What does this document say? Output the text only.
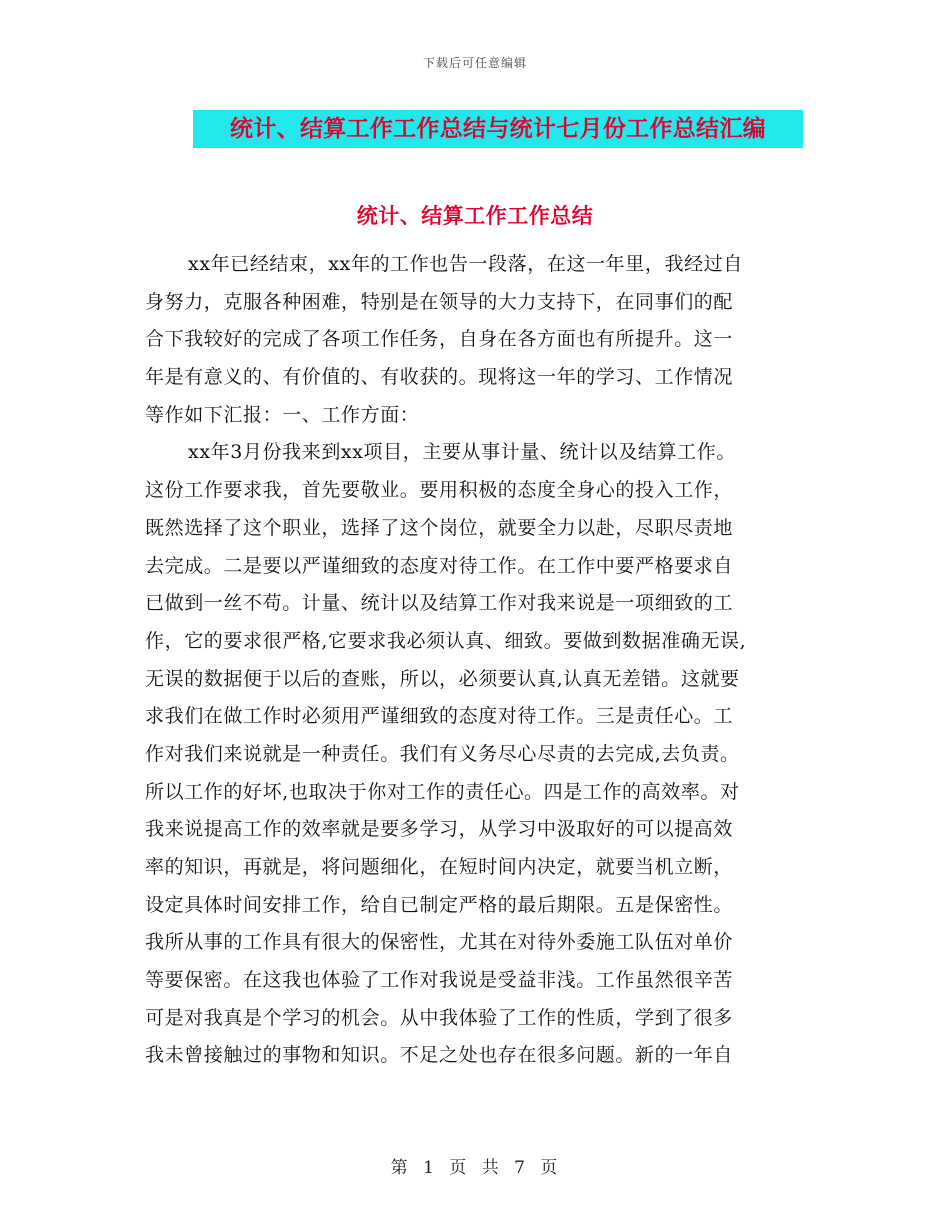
下载后可任意编辑
统计、结算工作工作总结与统计七月份工作总结汇编
统计、结算工作工作总结
xx年已经结束，xx年的工作也告一段落，在这一年里，我经过自
身努力，克服各种困难，特别是在领导的大力支持下，在同事们的配
合下我较好的完成了各项工作任务，自身在各方面也有所提升。这一
年是有意义的、有价值的、有收获的。现将这一年的学习、工作情况
等作如下汇报：一、工作方面：
xx年3月份我来到xx项目，主要从事计量、统计以及结算工作。
这份工作要求我，首先要敬业。要用积极的态度全身心的投入工作，
既然选择了这个职业，选择了这个岗位，就要全力以赴，尽职尽责地
去完成。二是要以严谨细致的态度对待工作。在工作中要严格要求自
已做到一丝不苟。计量、统计以及结算工作对我来说是一项细致的工
作，它的要求很严格,它要求我必须认真、细致。要做到数据准确无误,
无误的数据便于以后的查账，所以，必须要认真,认真无差错。这就要
求我们在做工作时必须用严谨细致的态度对待工作。三是责任心。工
作对我们来说就是一种责任。我们有义务尽心尽责的去完成,去负责。
所以工作的好坏,也取决于你对工作的责任心。四是工作的高效率。对
我来说提高工作的效率就是要多学习，从学习中汲取好的可以提高效
率的知识，再就是，将问题细化，在短时间内决定，就要当机立断，
设定具体时间安排工作，给自已制定严格的最后期限。五是保密性。
我所从事的工作具有很大的保密性，尤其在对待外委施工队伍对单价
等要保密。在这我也体验了工作对我说是受益非浅。工作虽然很辛苦
可是对我真是个学习的机会。从中我体验了工作的性质，学到了很多
我未曾接触过的事物和知识。不足之处也存在很多问题。新的一年自
第 1 页 共 7 页
